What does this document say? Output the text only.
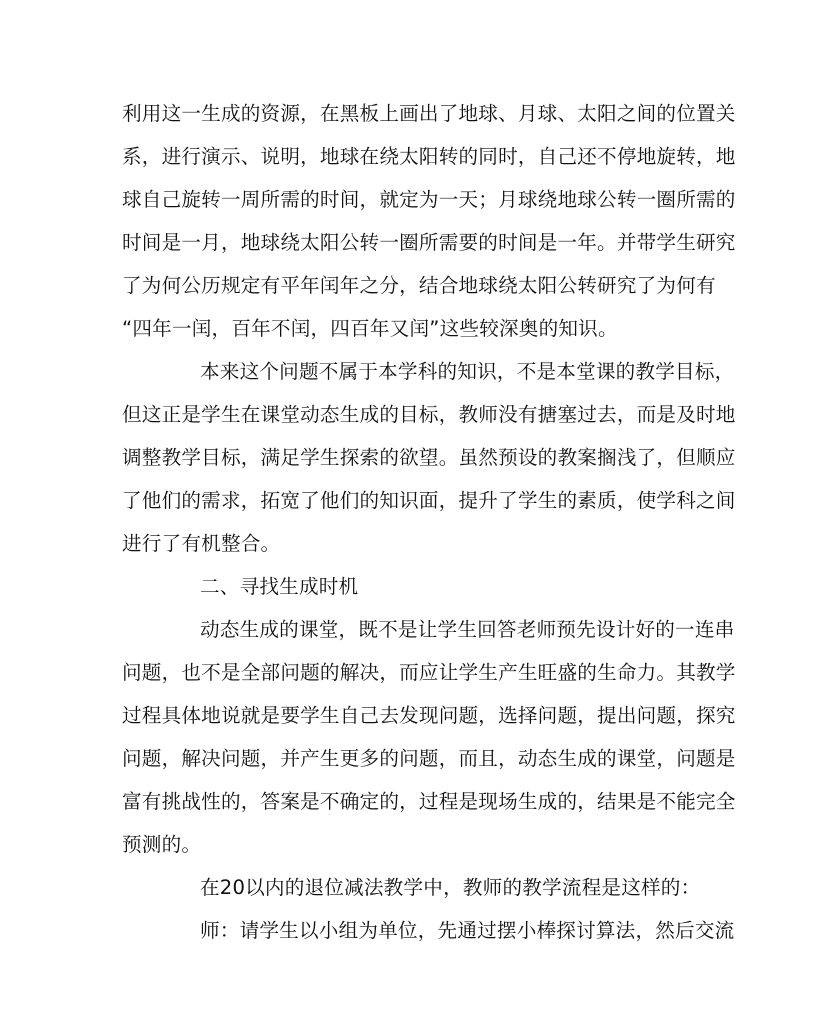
利用这一生成的资源，在黑板上画出了地球、月球、太阳之间的位置关
系，进行演示、说明，地球在绕太阳转的同时，自己还不停地旋转，地
球自己旋转一周所需的时间，就定为一天；月球绕地球公转一圈所需的
时间是一月，地球绕太阳公转一圈所需要的时间是一年。并带学生研究
了为何公历规定有平年闰年之分，结合地球绕太阳公转研究了为何有
“四年一闰，百年不闰，四百年又闰”这些较深奥的知识。
本来这个问题不属于本学科的知识，不是本堂课的教学目标，
但这正是学生在课堂动态生成的目标，教师没有搪塞过去，而是及时地
调整教学目标，满足学生探索的欲望。虽然预设的教案搁浅了，但顺应
了他们的需求，拓宽了他们的知识面，提升了学生的素质，使学科之间
进行了有机整合。
二、寻找生成时机
动态生成的课堂，既不是让学生回答老师预先设计好的一连串
问题，也不是全部问题的解决，而应让学生产生旺盛的生命力。其教学
过程具体地说就是要学生自己去发现问题，选择问题，提出问题，探究
问题，解决问题，并产生更多的问题，而且，动态生成的课堂，问题是
富有挑战性的，答案是不确定的，过程是现场生成的，结果是不能完全
预测的。
在20以内的退位减法教学中，教师的教学流程是这样的：
师：请学生以小组为单位，先通过摆小棒探讨算法，然后交流
